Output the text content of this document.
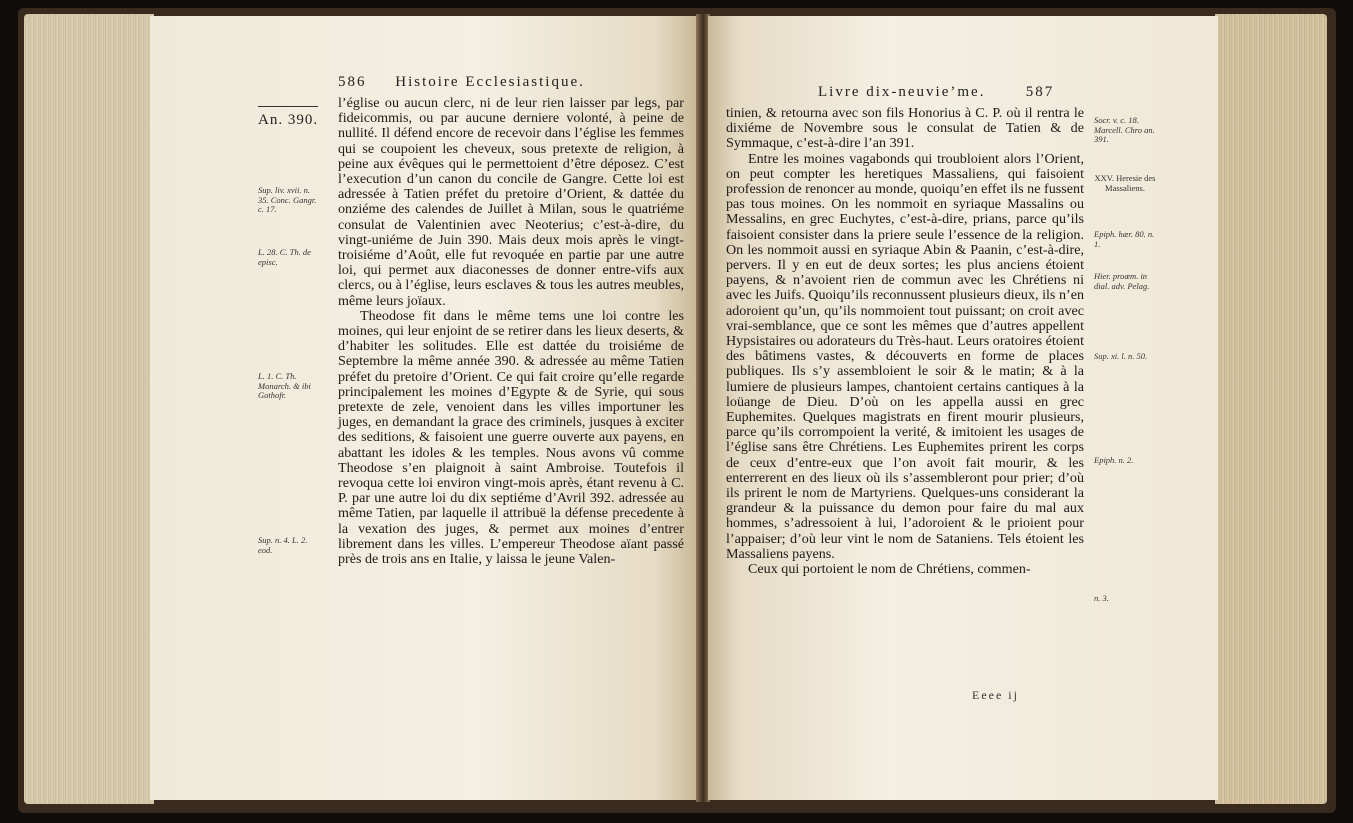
586 Histoire Ecclesiastique.
An. 390.

l’église ou aucun clerc, ni de leur rien laisser par legs, par fideicommis, ou par aucune derniere volonté, à peine de nullité. Il défend encore de recevoir dans l’église les femmes qui se coupoient les cheveux, sous pretexte de religion, à peine aux évêques qui le permettoient d’être déposez. C’est l’execution d’un canon du concile de Gangre. Cette loi est adressée à Tatien préfet du pretoire d’Orient, & dattée du onziéme des calendes de Juillet à Milan, sous le quatriéme consulat de Valentinien avec Neoterius; c’est-à-dire, du vingt-uniéme de Juin 390. Mais deux mois après le vingt-troisiéme d’Août, elle fut revoquée en partie par une autre loi, qui permet aux diaconesses de donner entre-vifs aux clercs, ou à l’église, leurs esclaves & tous les autres meubles, même leurs joïaux.

Theodose fit dans le même tems une loi contre les moines, qui leur enjoint de se retirer dans les lieux deserts, & d’habiter les solitudes. Elle est dattée du troisiéme de Septembre la même année 390. & adressée au même Tatien préfet du pretoire d’Orient. Ce qui fait croire qu’elle regarde principalement les moines d’Egypte & de Syrie, qui sous pretexte de zele, venoient dans les villes importuner les juges, en demandant la grace des criminels, jusques à exciter des seditions, & faisoient une guerre ouverte aux payens, en abattant les idoles & les temples. Nous avons vû comme Theodose s’en plaignoit à saint Ambroise. Toutefois il revoqua cette loi environ vingt-mois après, étant revenu à C. P. par une autre loi du dix septiéme d’Avril 392. adressée au même Tatien, par laquelle il attribuë la défense precedente à la vexation des juges, & permet aux moines d’entrer librement dans les villes. L’empereur Theodose aïant passé près de trois ans en Italie, y laissa le jeune Valen-

Sup. liv. xvii. n. 35. Conc. Gangr. c. 17.
L. 28. C. Th. de episc.
L. 1. C. Th. Monarch. & ibi Gothofr.
Sup. n. 4. L. 2. eod.
Livre dix-neuvie’me.	587

tinien, & retourna avec son fils Honorius à C. P. où il rentra le dixiéme de Novembre sous le consulat de Tatien & de Symmaque, c’est-à-dire l’an 391.

Entre les moines vagabonds qui troubloient alors l’Orient, on peut compter les heretiques Massaliens, qui faisoient profession de renoncer au monde, quoiqu’en effet ils ne fussent pas tous moines. On les nommoit en syriaque Massalins ou Messalins, en grec Euchytes, c’est-à-dire, prians, parce qu’ils faisoient consister dans la priere seule l’essence de la religion. On les nommoit aussi en syriaque Abin & Paanin, c’est-à-dire, pervers. Il y en eut de deux sortes; les plus anciens étoient payens, & n’avoient rien de commun avec les Chrétiens ni avec les Juifs. Quoiqu’ils reconnussent plusieurs dieux, ils n’en adoroient qu’un, qu’ils nommoient tout puissant; on croit avec vrai-semblance, que ce sont les mêmes que d’autres appellent Hypsistaires ou adorateurs du Très-haut. Leurs oratoires étoient des bâtimens vastes, & découverts en forme de places publiques. Ils s’y assembloient le soir & le matin; & à la lumiere de plusieurs lampes, chantoient certains cantiques à la loüange de Dieu. D’où on les appella aussi en grec Euphemites. Quelques magistrats en firent mourir plusieurs, parce qu’ils corrompoient la verité, & imitoient les usages de l’église sans être Chrétiens. Les Euphemites prirent les corps de ceux d’entre-eux que l’on avoit fait mourir, & les enterrerent en des lieux où ils s’assembleront pour prier; d’où ils prirent le nom de Martyriens. Quelques-uns considerant la grandeur & la puissance du demon pour faire du mal aux hommes, s’adressoient à lui, l’adoroient & le prioient pour l’appaiser; d’où leur vint le nom de Sataniens. Tels étoient les Massaliens payens.

Ceux qui portoient le nom de Chrétiens, commen-

Eeee ij
Socr. v. c. 18. Marcell. Chro an. 391.
XXV. Heresie des Massaliens.
Epiph. hær. 80. n. 1.
Hier. proœm. in dial. adv. Pelag.
Sup. xi. l. n. 50.
Epiph. n. 2.
n. 3.
